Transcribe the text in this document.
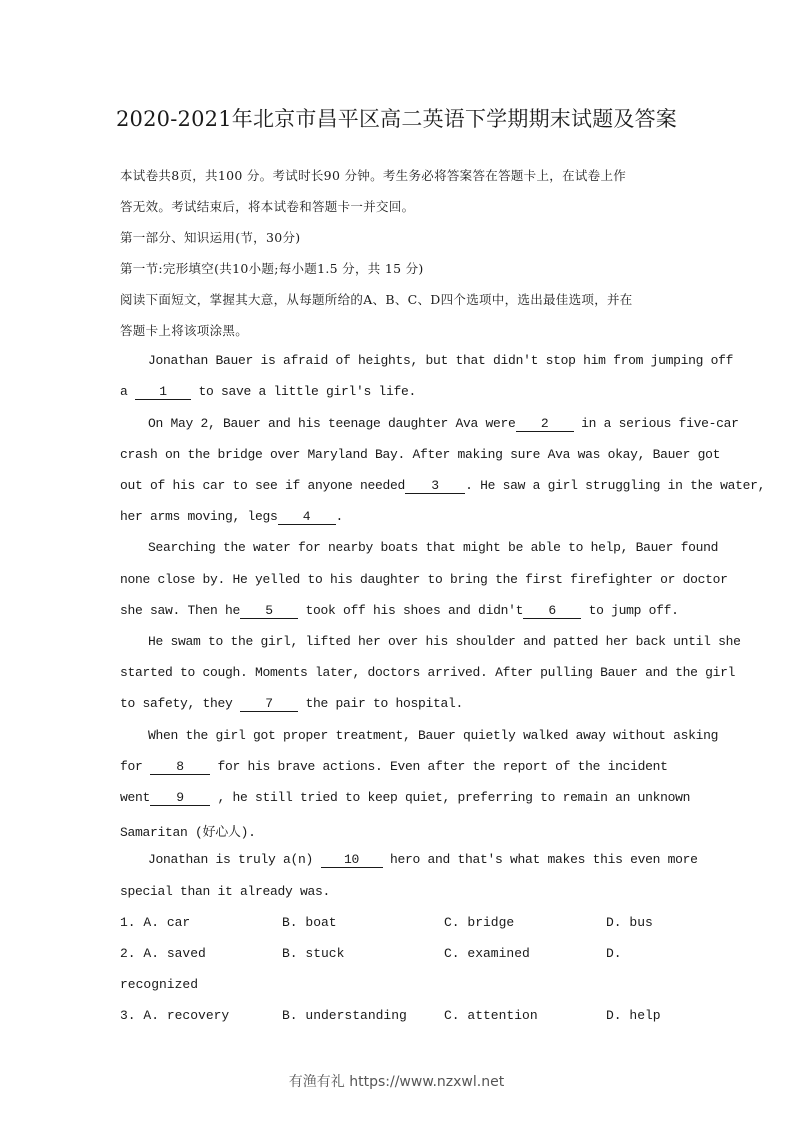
2020-2021年北京市昌平区高二英语下学期期末试题及答案
本试卷共8页，共100 分。考试时长90 分钟。考生务必将答案答在答题卡上，在试卷上作
答无效。考试结束后，将本试卷和答题卡一并交回。
第一部分、知识运用(节，30分)
第一节:完形填空(共10小题;每小题1.5 分，共 15 分)
阅读下面短文，掌握其大意，从每题所给的A、B、C、D四个选项中，选出最佳选项，并在
答题卡上将该项涂黑。
Jonathan Bauer is afraid of heights, but that didn't stop him from jumping off
a 1 to save a little girl's life.
On May 2, Bauer and his teenage daughter Ava were 2 in a serious five-car
crash on the bridge over Maryland Bay. After making sure Ava was okay, Bauer got
out of his car to see if anyone needed 3 . He saw a girl struggling in the water,
her arms moving, legs 4 .
Searching the water for nearby boats that might be able to help, Bauer found
none close by. He yelled to his daughter to bring the first firefighter or doctor
she saw. Then he 5 took off his shoes and didn't 6 to jump off.
He swam to the girl, lifted her over his shoulder and patted her back until she
started to cough. Moments later, doctors arrived. After pulling Bauer and the girl
to safety, they 7 the pair to hospital.
When the girl got proper treatment, Bauer quietly walked away without asking
for 8 for his brave actions. Even after the report of the incident
went 9 , he still tried to keep quiet, preferring to remain an unknown
Samaritan (好心人).
Jonathan is truly a(n) 10 hero and that's what makes this even more
special than it already was.
1. A. car	B. boat	C. bridge	D. bus
2. A. saved	B. stuck	C. examined	D.
recognized
3. A. recovery	B. understanding	C. attention	D. help
有渔有礼 https://www.nzxwl.net
